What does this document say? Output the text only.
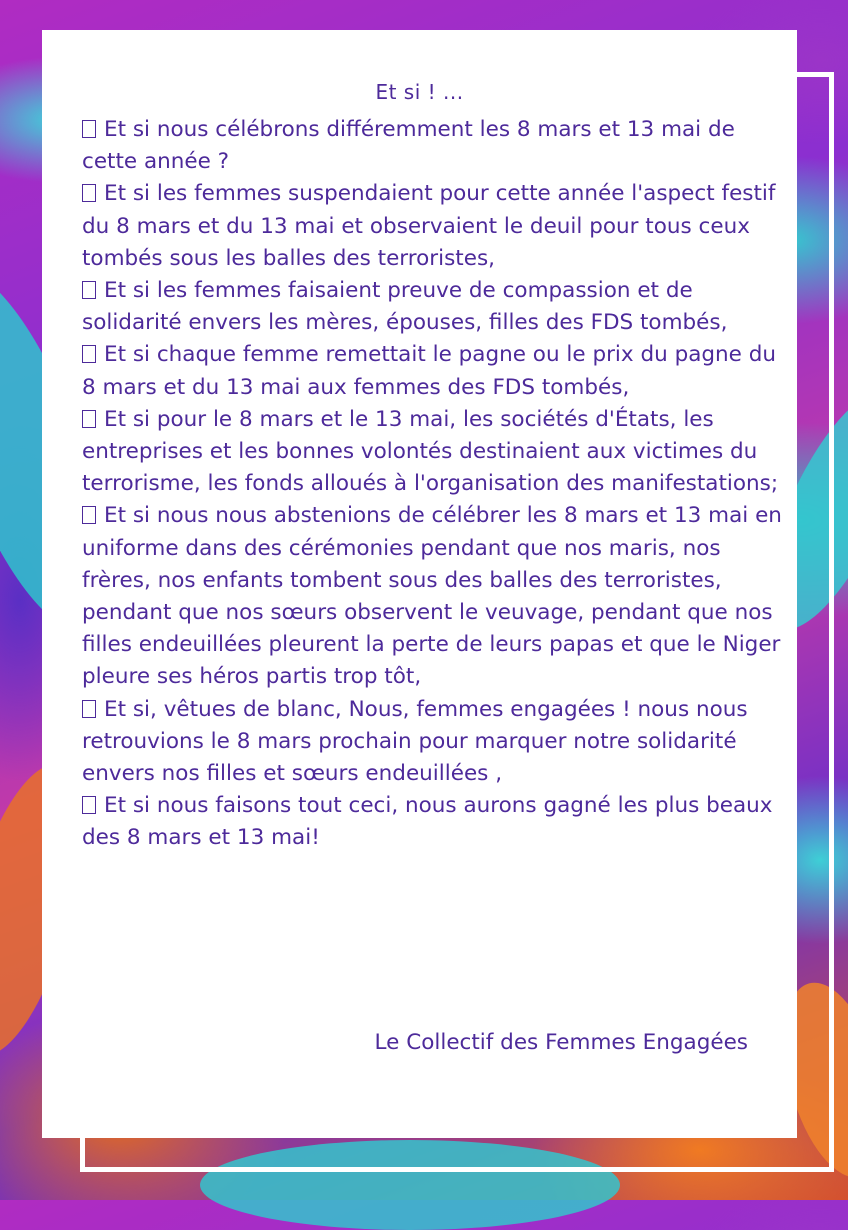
Et si ! ...

Et si nous célébrons différemment les 8 mars et 13 mai de cette année ?

Et si les femmes suspendaient pour cette année l'aspect festif du 8 mars et du 13 mai et observaient le deuil pour tous ceux tombés sous les balles des terroristes,

Et si les femmes faisaient preuve de compassion et de solidarité envers les mères, épouses, filles des FDS tombés,

Et si chaque femme remettait le pagne ou le prix du pagne du 8 mars et du 13 mai aux femmes des FDS tombés,

Et si pour le 8 mars et le 13 mai, les sociétés d'États, les entreprises et les bonnes volontés destinaient aux victimes du terrorisme, les fonds alloués à l'organisation des manifestations;

Et si nous nous abstenions de célébrer les 8 mars et 13 mai en uniforme dans des cérémonies pendant que nos maris, nos frères, nos enfants tombent sous des balles des terroristes, pendant que nos sœurs observent le veuvage, pendant que nos filles endeuillées pleurent la perte de leurs papas et que le Niger pleure ses héros partis trop tôt,

Et si, vêtues de blanc, Nous, femmes engagées ! nous nous retrouvions le 8 mars prochain pour marquer notre solidarité envers nos filles et sœurs endeuillées ,

Et si nous faisons tout ceci, nous aurons gagné les plus beaux des 8 mars et 13 mai!

Le Collectif des Femmes Engagées
